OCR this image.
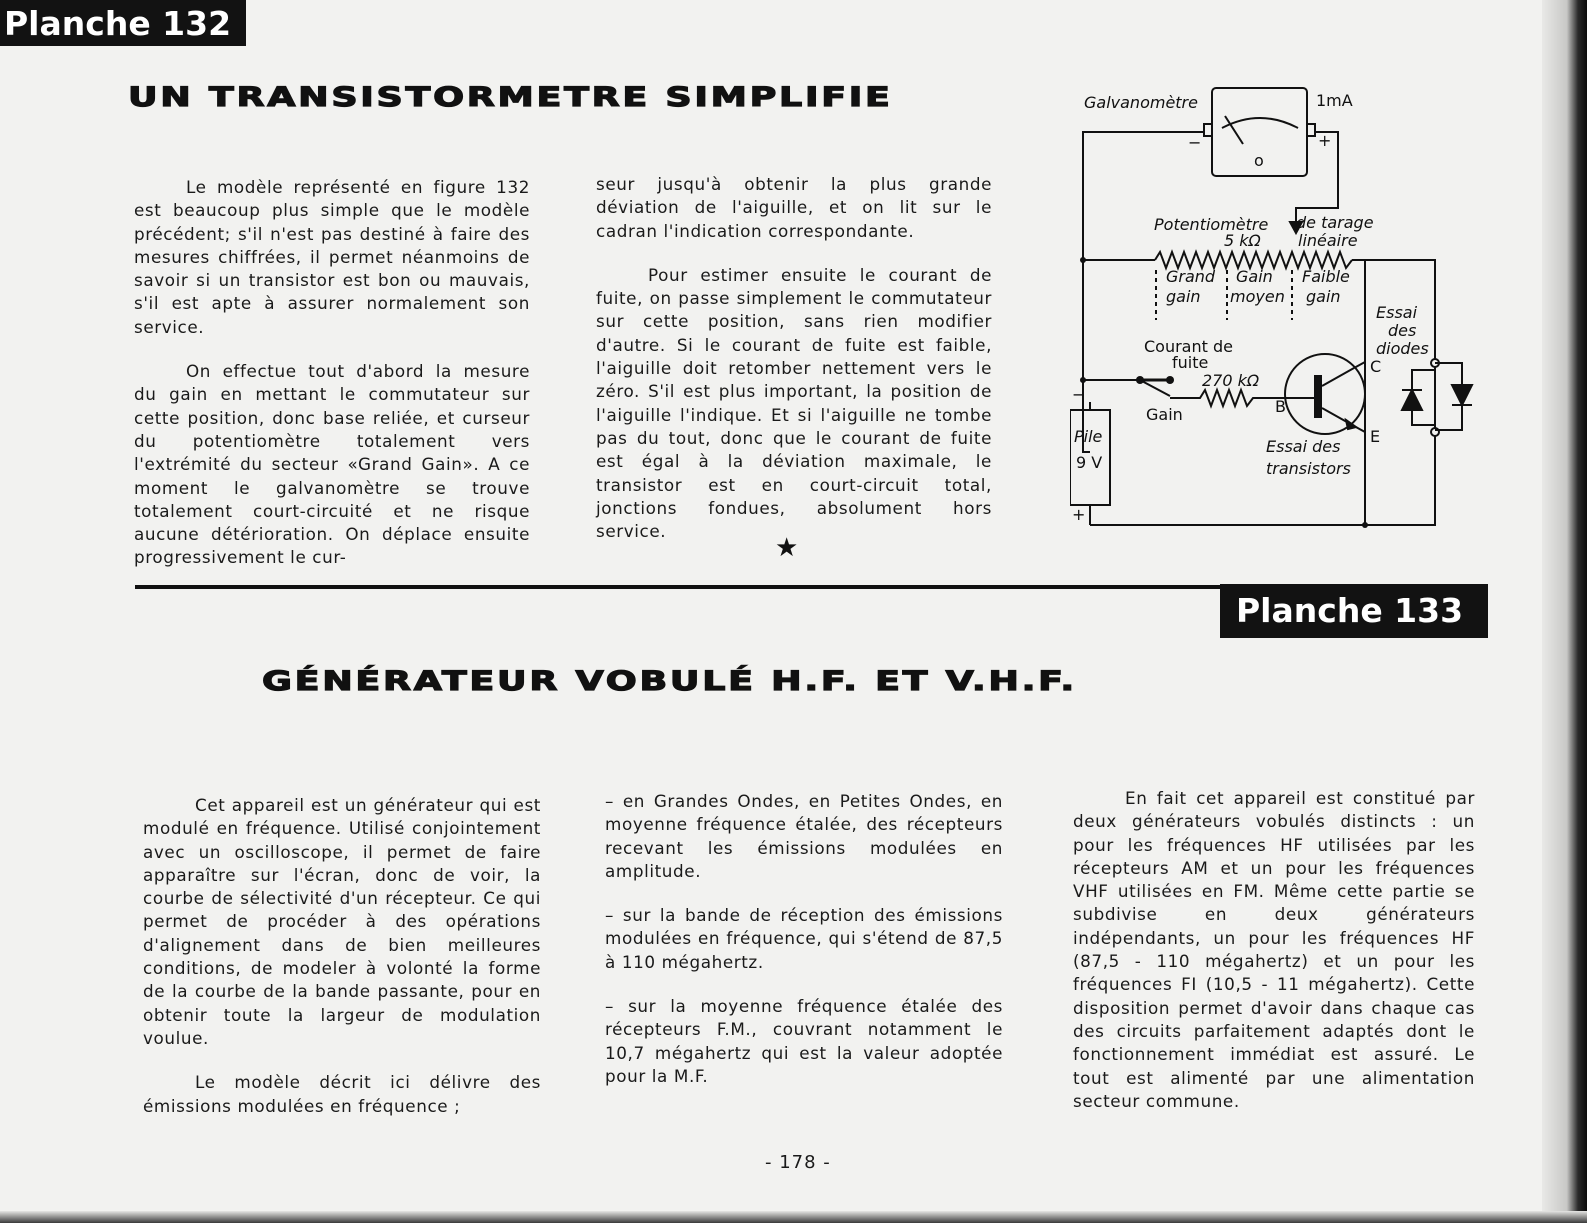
Planche 132
UN TRANSISTORMETRE SIMPLIFIE

Le modèle représenté en figure 132 est beaucoup plus simple que le modèle précédent; s'il n'est pas destiné à faire des mesures chiffrées, il permet néanmoins de savoir si un transistor est bon ou mauvais, s'il est apte à assurer normalement son service.

On effectue tout d'abord la mesure du gain en mettant le commutateur sur cette position, donc base reliée, et curseur du potentiomètre totalement vers l'extrémité du secteur «Grand Gain». A ce moment le galvanomètre se trouve totalement court-circuité et ne risque aucune détérioration. On déplace ensuite progressivement le cur-

seur jusqu'à obtenir la plus grande déviation de l'aiguille, et on lit sur le cadran l'indication correspondante.

Pour estimer ensuite le courant de fuite, on passe simplement le commutateur sur cette position, sans rien modifier d'autre. Si le courant de fuite est faible, l'aiguille doit retomber nettement vers le zéro. S'il est plus important, la position de l'aiguille l'indique. Et si l'aiguille ne tombe pas du tout, donc que le courant de fuite est égal à la déviation maximale, le transistor est en court-circuit total, jonctions fondues, absolument hors service.

★
Galvanomètre	1mA
−	+
o
Potentiomètre
5 kΩ
de tarage
linéaire
Grand
gain
Gain
moyen
Faible
gain
Essai
des
diodes
Courant de
fuite
270 kΩ
Gain	B
C
E
Pile
9 V
−
+
Essai des
transistors
Planche 133
GÉNÉRATEUR VOBULÉ H.F. ET V.H.F.

Cet appareil est un générateur qui est modulé en fréquence. Utilisé conjointement avec un oscilloscope, il permet de faire apparaître sur l'écran, donc de voir, la courbe de sélectivité d'un récepteur. Ce qui permet de procéder à des opérations d'alignement dans de bien meilleures conditions, de modeler à volonté la forme de la courbe de la bande passante, pour en obtenir toute la largeur de modulation voulue.

Le modèle décrit ici délivre des émissions modulées en fréquence ;

– en Grandes Ondes, en Petites Ondes, en moyenne fréquence étalée, des récepteurs recevant les émissions modulées en amplitude.

– sur la bande de réception des émissions modulées en fréquence, qui s'étend de 87,5 à 110 mégahertz.

– sur la moyenne fréquence étalée des récepteurs F.M., couvrant notamment le 10,7 mégahertz qui est la valeur adoptée pour la M.F.

En fait cet appareil est constitué par deux générateurs vobulés distincts : un pour les fréquences HF utilisées par les récepteurs AM et un pour les fréquences VHF utilisées en FM. Même cette partie se subdivise en deux générateurs indépendants, un pour les fréquences HF (87,5 - 110 mégahertz) et un pour les fréquences FI (10,5 - 11 mégahertz). Cette disposition permet d'avoir dans chaque cas des circuits parfaitement adaptés dont le fonctionnement immédiat est assuré. Le tout est alimenté par une alimentation secteur commune.

- 178 -
